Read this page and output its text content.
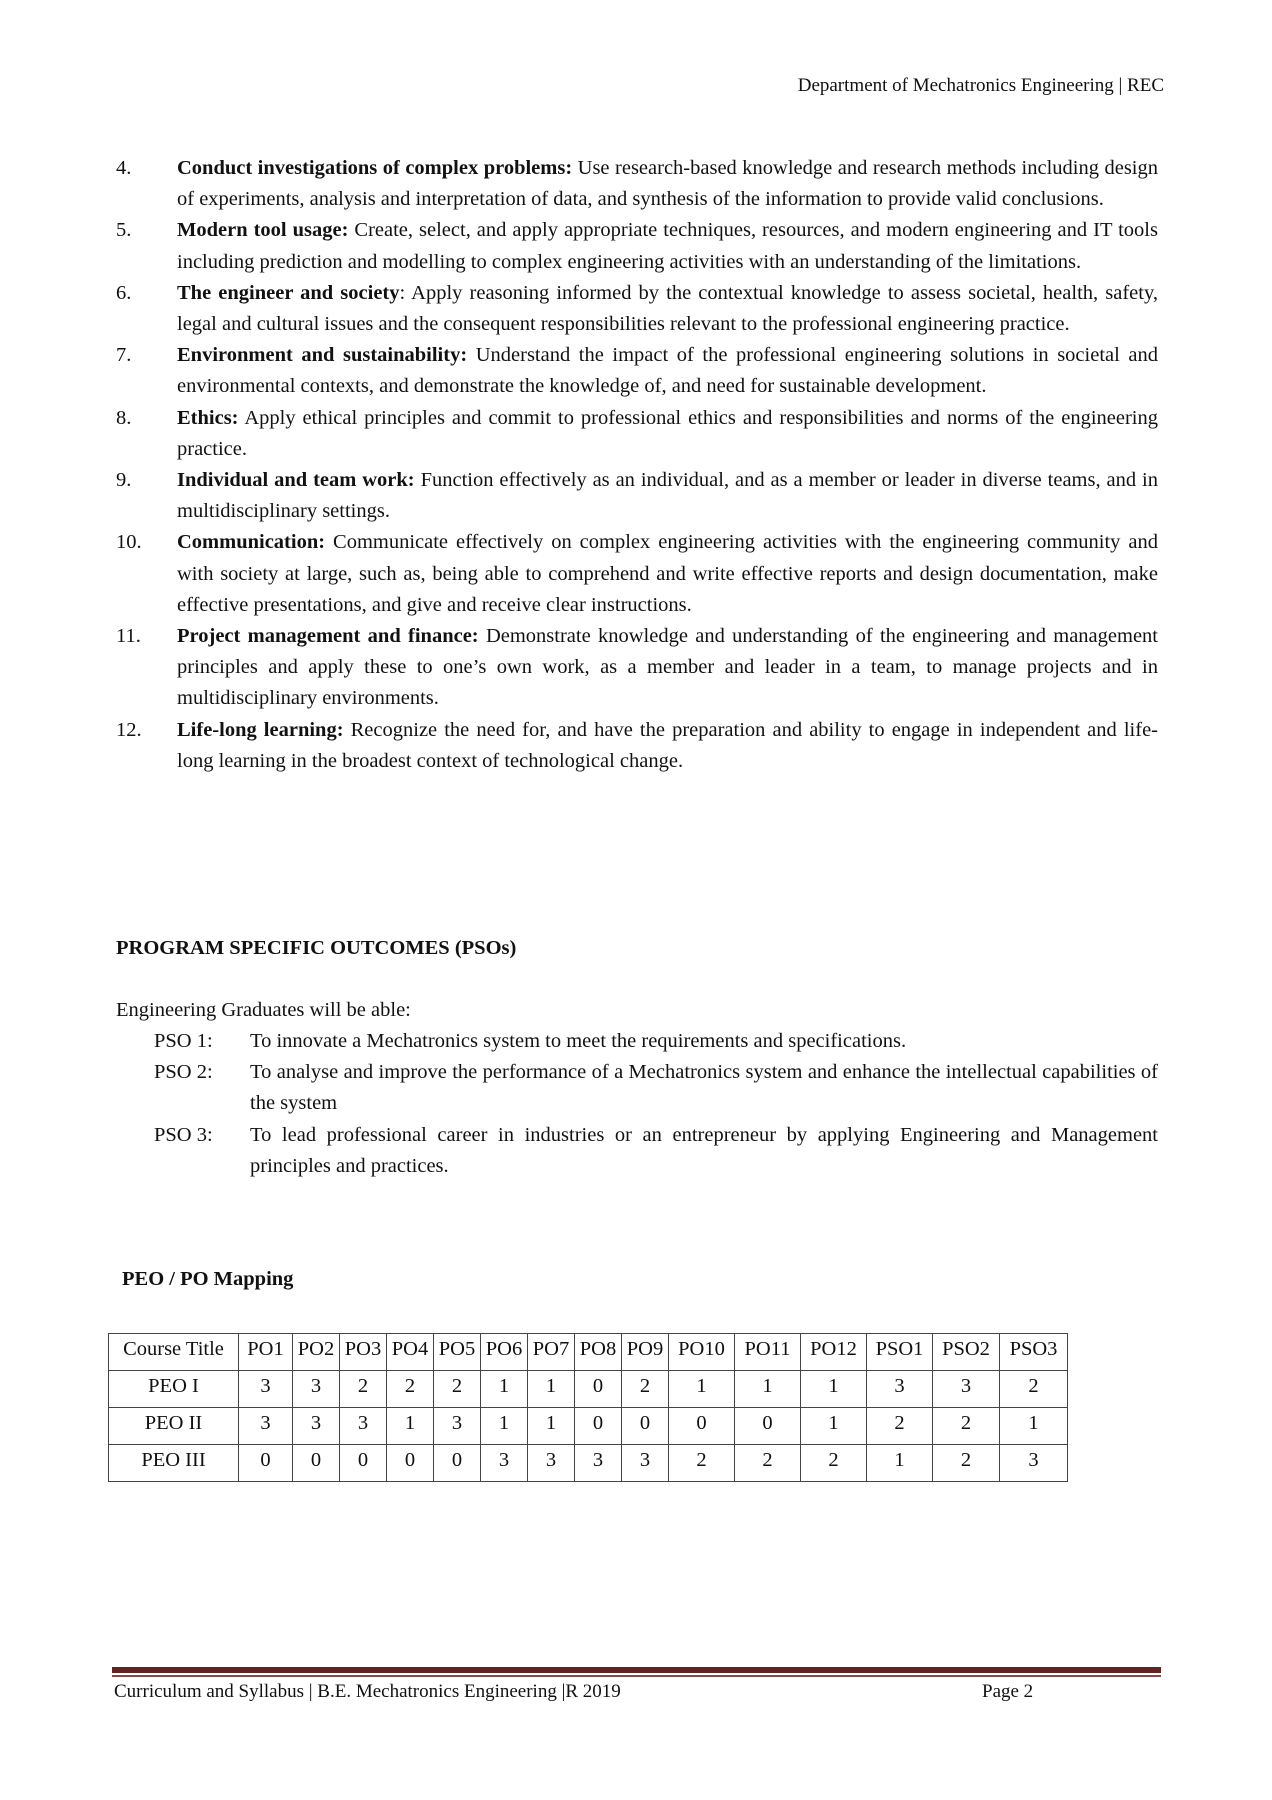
Department of Mechatronics Engineering | REC
4. Conduct investigations of complex problems: Use research-based knowledge and research methods including design of experiments, analysis and interpretation of data, and synthesis of the information to provide valid conclusions.
5. Modern tool usage: Create, select, and apply appropriate techniques, resources, and modern engineering and IT tools including prediction and modelling to complex engineering activities with an understanding of the limitations.
6. The engineer and society: Apply reasoning informed by the contextual knowledge to assess societal, health, safety, legal and cultural issues and the consequent responsibilities relevant to the professional engineering practice.
7. Environment and sustainability: Understand the impact of the professional engineering solutions in societal and environmental contexts, and demonstrate the knowledge of, and need for sustainable development.
8. Ethics: Apply ethical principles and commit to professional ethics and responsibilities and norms of the engineering practice.
9. Individual and team work: Function effectively as an individual, and as a member or leader in diverse teams, and in multidisciplinary settings.
10. Communication: Communicate effectively on complex engineering activities with the engineering community and with society at large, such as, being able to comprehend and write effective reports and design documentation, make effective presentations, and give and receive clear instructions.
11. Project management and finance: Demonstrate knowledge and understanding of the engineering and management principles and apply these to one’s own work, as a member and leader in a team, to manage projects and in multidisciplinary environments.
12. Life-long learning: Recognize the need for, and have the preparation and ability to engage in independent and life-long learning in the broadest context of technological change.
PROGRAM SPECIFIC OUTCOMES (PSOs)
Engineering Graduates will be able:
PSO 1: To innovate a Mechatronics system to meet the requirements and specifications.
PSO 2: To analyse and improve the performance of a Mechatronics system and enhance the intellectual capabilities of the system
PSO 3: To lead professional career in industries or an entrepreneur by applying Engineering and Management principles and practices.
PEO / PO Mapping
Course Title	PO1	PO2	PO3	PO4	PO5	PO6	PO7	PO8	PO9	PO10	PO11	PO12	PSO1	PSO2	PSO3
PEO I	3	3	2	2	2	1	1	0	2	1	1	1	3	3	2
PEO II	3	3	3	1	3	1	1	0	0	0	0	1	2	2	1
PEO III	0	0	0	0	0	3	3	3	3	2	2	2	1	2	3
Curriculum and Syllabus | B.E. Mechatronics Engineering |R 2019	Page 2
